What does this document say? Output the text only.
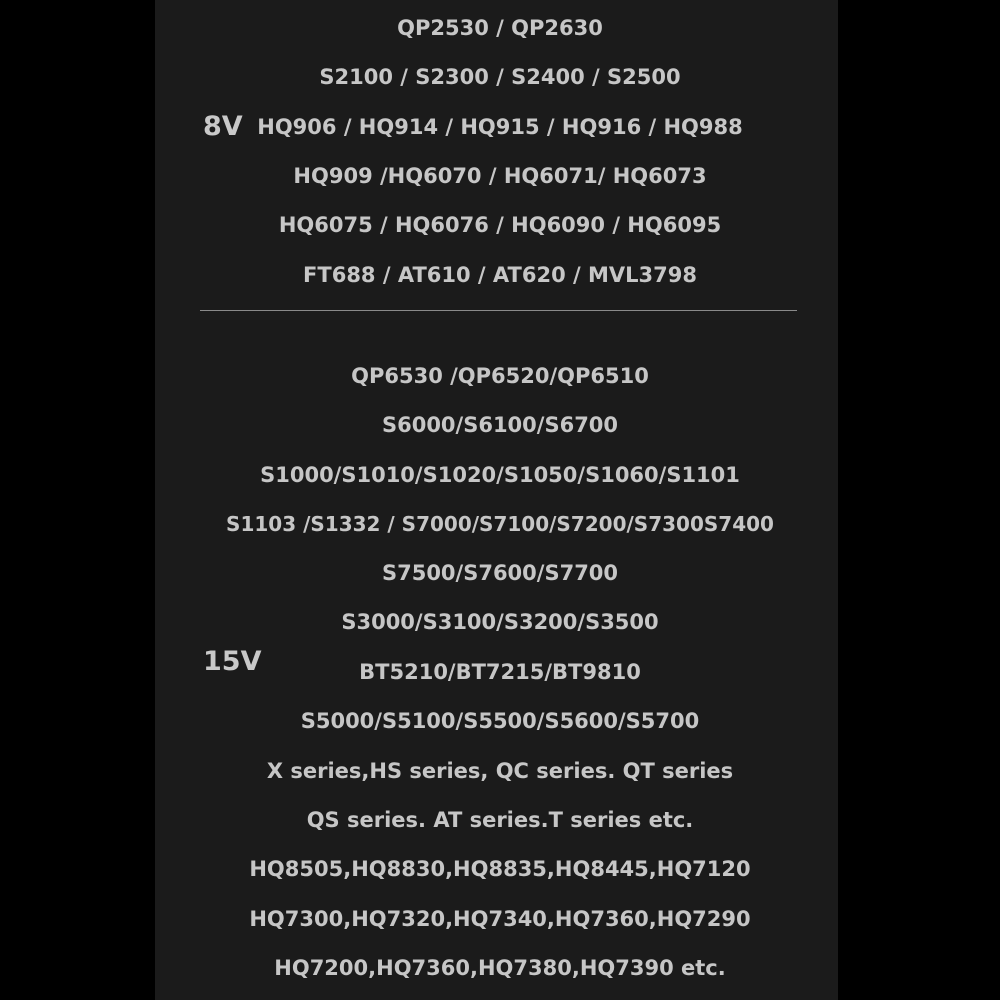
8V
QP2530 / QP2630
S2100 / S2300 / S2400 / S2500
HQ906 / HQ914 / HQ915 / HQ916 / HQ988
HQ909 /HQ6070 / HQ6071/ HQ6073
HQ6075 / HQ6076 / HQ6090 / HQ6095
FT688 / AT610 / AT620 / MVL3798
15V
QP6530 /QP6520/QP6510
S6000/S6100/S6700
S1000/S1010/S1020/S1050/S1060/S1101
S1103 /S1332 / S7000/S7100/S7200/S7300S7400
S7500/S7600/S7700
S3000/S3100/S3200/S3500
BT5210/BT7215/BT9810
S5000/S5100/S5500/S5600/S5700
X series,HS series, QC series. QT series
QS series. AT series.T series etc.
HQ8505,HQ8830,HQ8835,HQ8445,HQ7120
HQ7300,HQ7320,HQ7340,HQ7360,HQ7290
HQ7200,HQ7360,HQ7380,HQ7390 etc.
